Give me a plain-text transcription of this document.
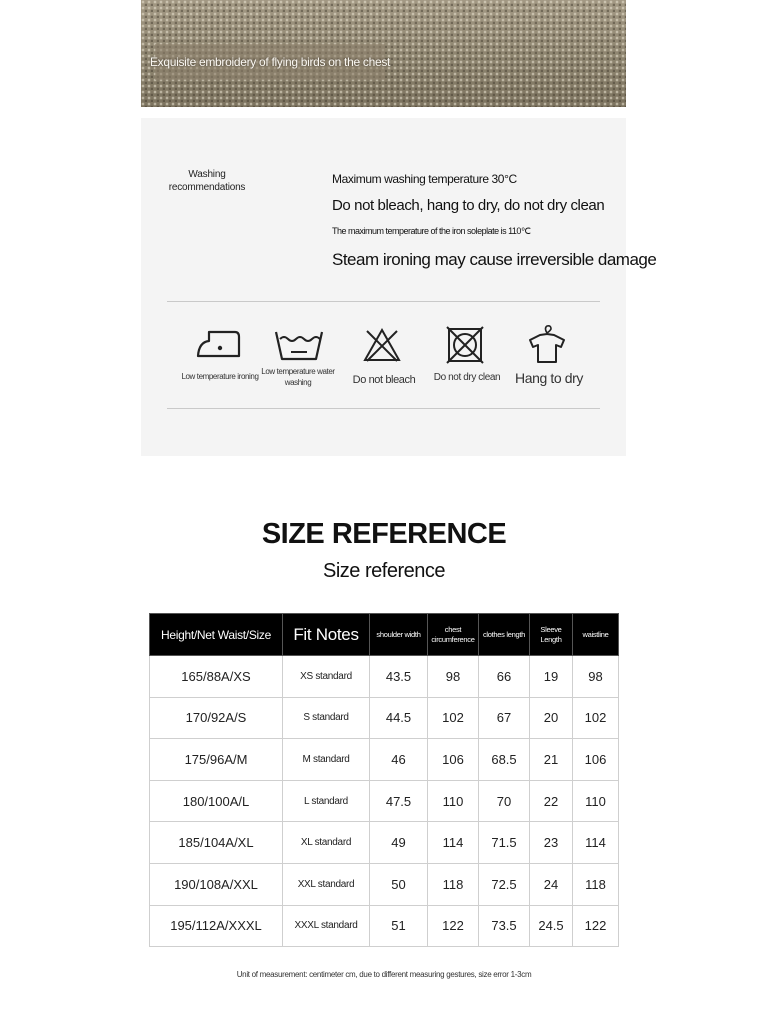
Exquisite embroidery of flying birds on the chest
Washing recommendations
Maximum washing temperature 30°C
Do not bleach, hang to dry, do not dry clean
The maximum temperature of the iron soleplate is 110℃
Steam ironing may cause irreversible damage
Low temperature ironing
Low temperature water washing	Do not bleach	Do not dry clean	Hang to dry
SIZE REFERENCE
Size reference
Height/Net Waist/Size	Fit Notes	shoulder width	chest circumference	clothes length	Sleeve Length	waistline
165/88A/XS	XS standard	43.5	98	66	19	98
170/92A/S	S standard	44.5	102	67	20	102
175/96A/M	M standard	46	106	68.5	21	106
180/100A/L	L standard	47.5	110	70	22	110
185/104A/XL	XL standard	49	114	71.5	23	114
190/108A/XXL	XXL standard	50	118	72.5	24	118
195/112A/XXXL	XXXL standard	51	122	73.5	24.5	122
Unit of measurement: centimeter cm, due to different measuring gestures, size error 1-3cm
